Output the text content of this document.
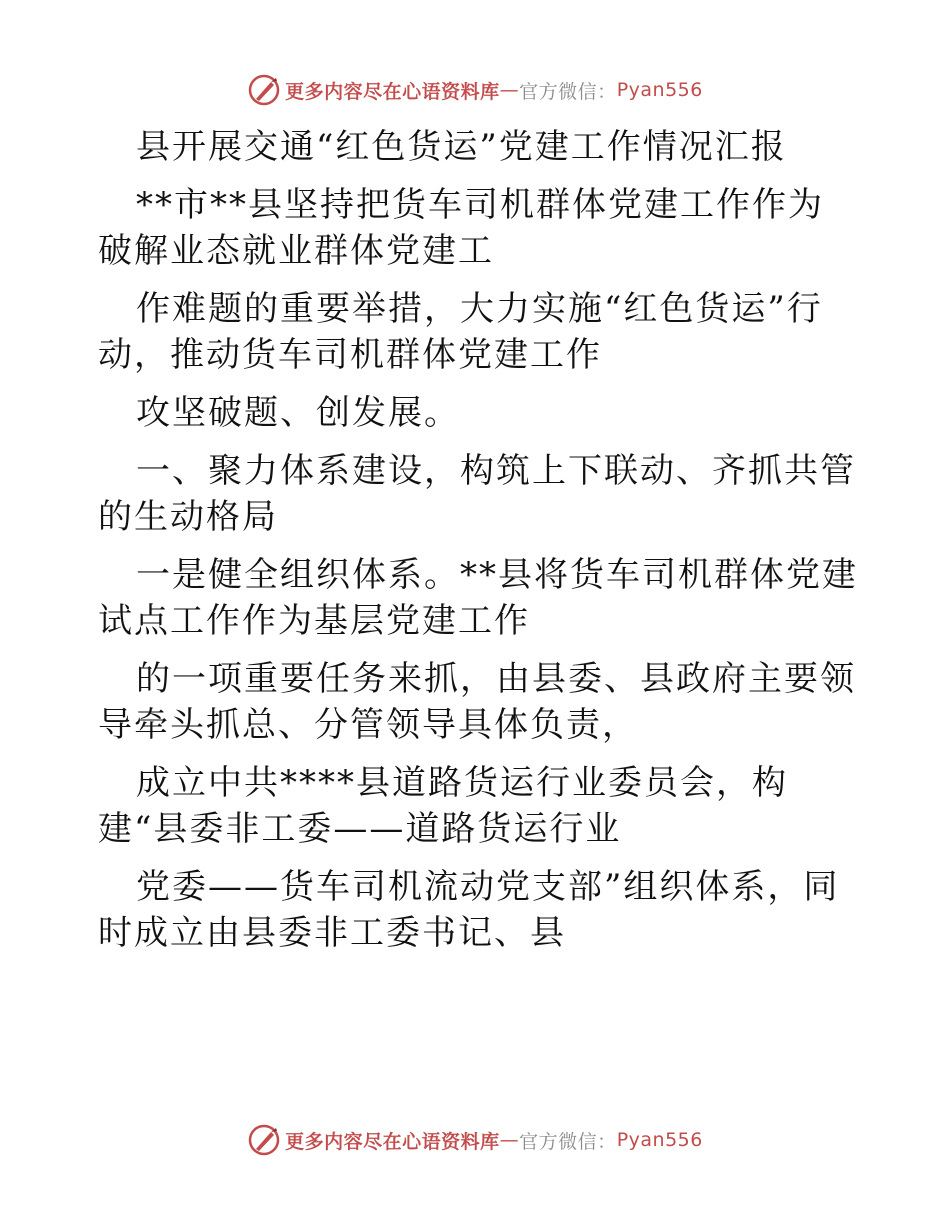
更多内容尽在心语资料库 — 官方微信： Pyan556

县开展交通“红色货运”党建工作情况汇报

**市**县坚持把货车司机群体党建工作作为破解业态就业群体党建工

作难题的重要举措，大力实施“红色货运”行动，推动货车司机群体党建工作

攻坚破题、创发展。

一、聚力体系建设，构筑上下联动、齐抓共管的生动格局

一是健全组织体系。**县将货车司机群体党建试点工作作为基层党建工作

的一项重要任务来抓，由县委、县政府主要领导牵头抓总、分管领导具体负责，

成立中共****县道路货运行业委员会，构建“县委非工委——道路货运行业

党委——货车司机流动党支部”组织体系，同时成立由县委非工委书记、县

更多内容尽在心语资料库 — 官方微信： Pyan556
